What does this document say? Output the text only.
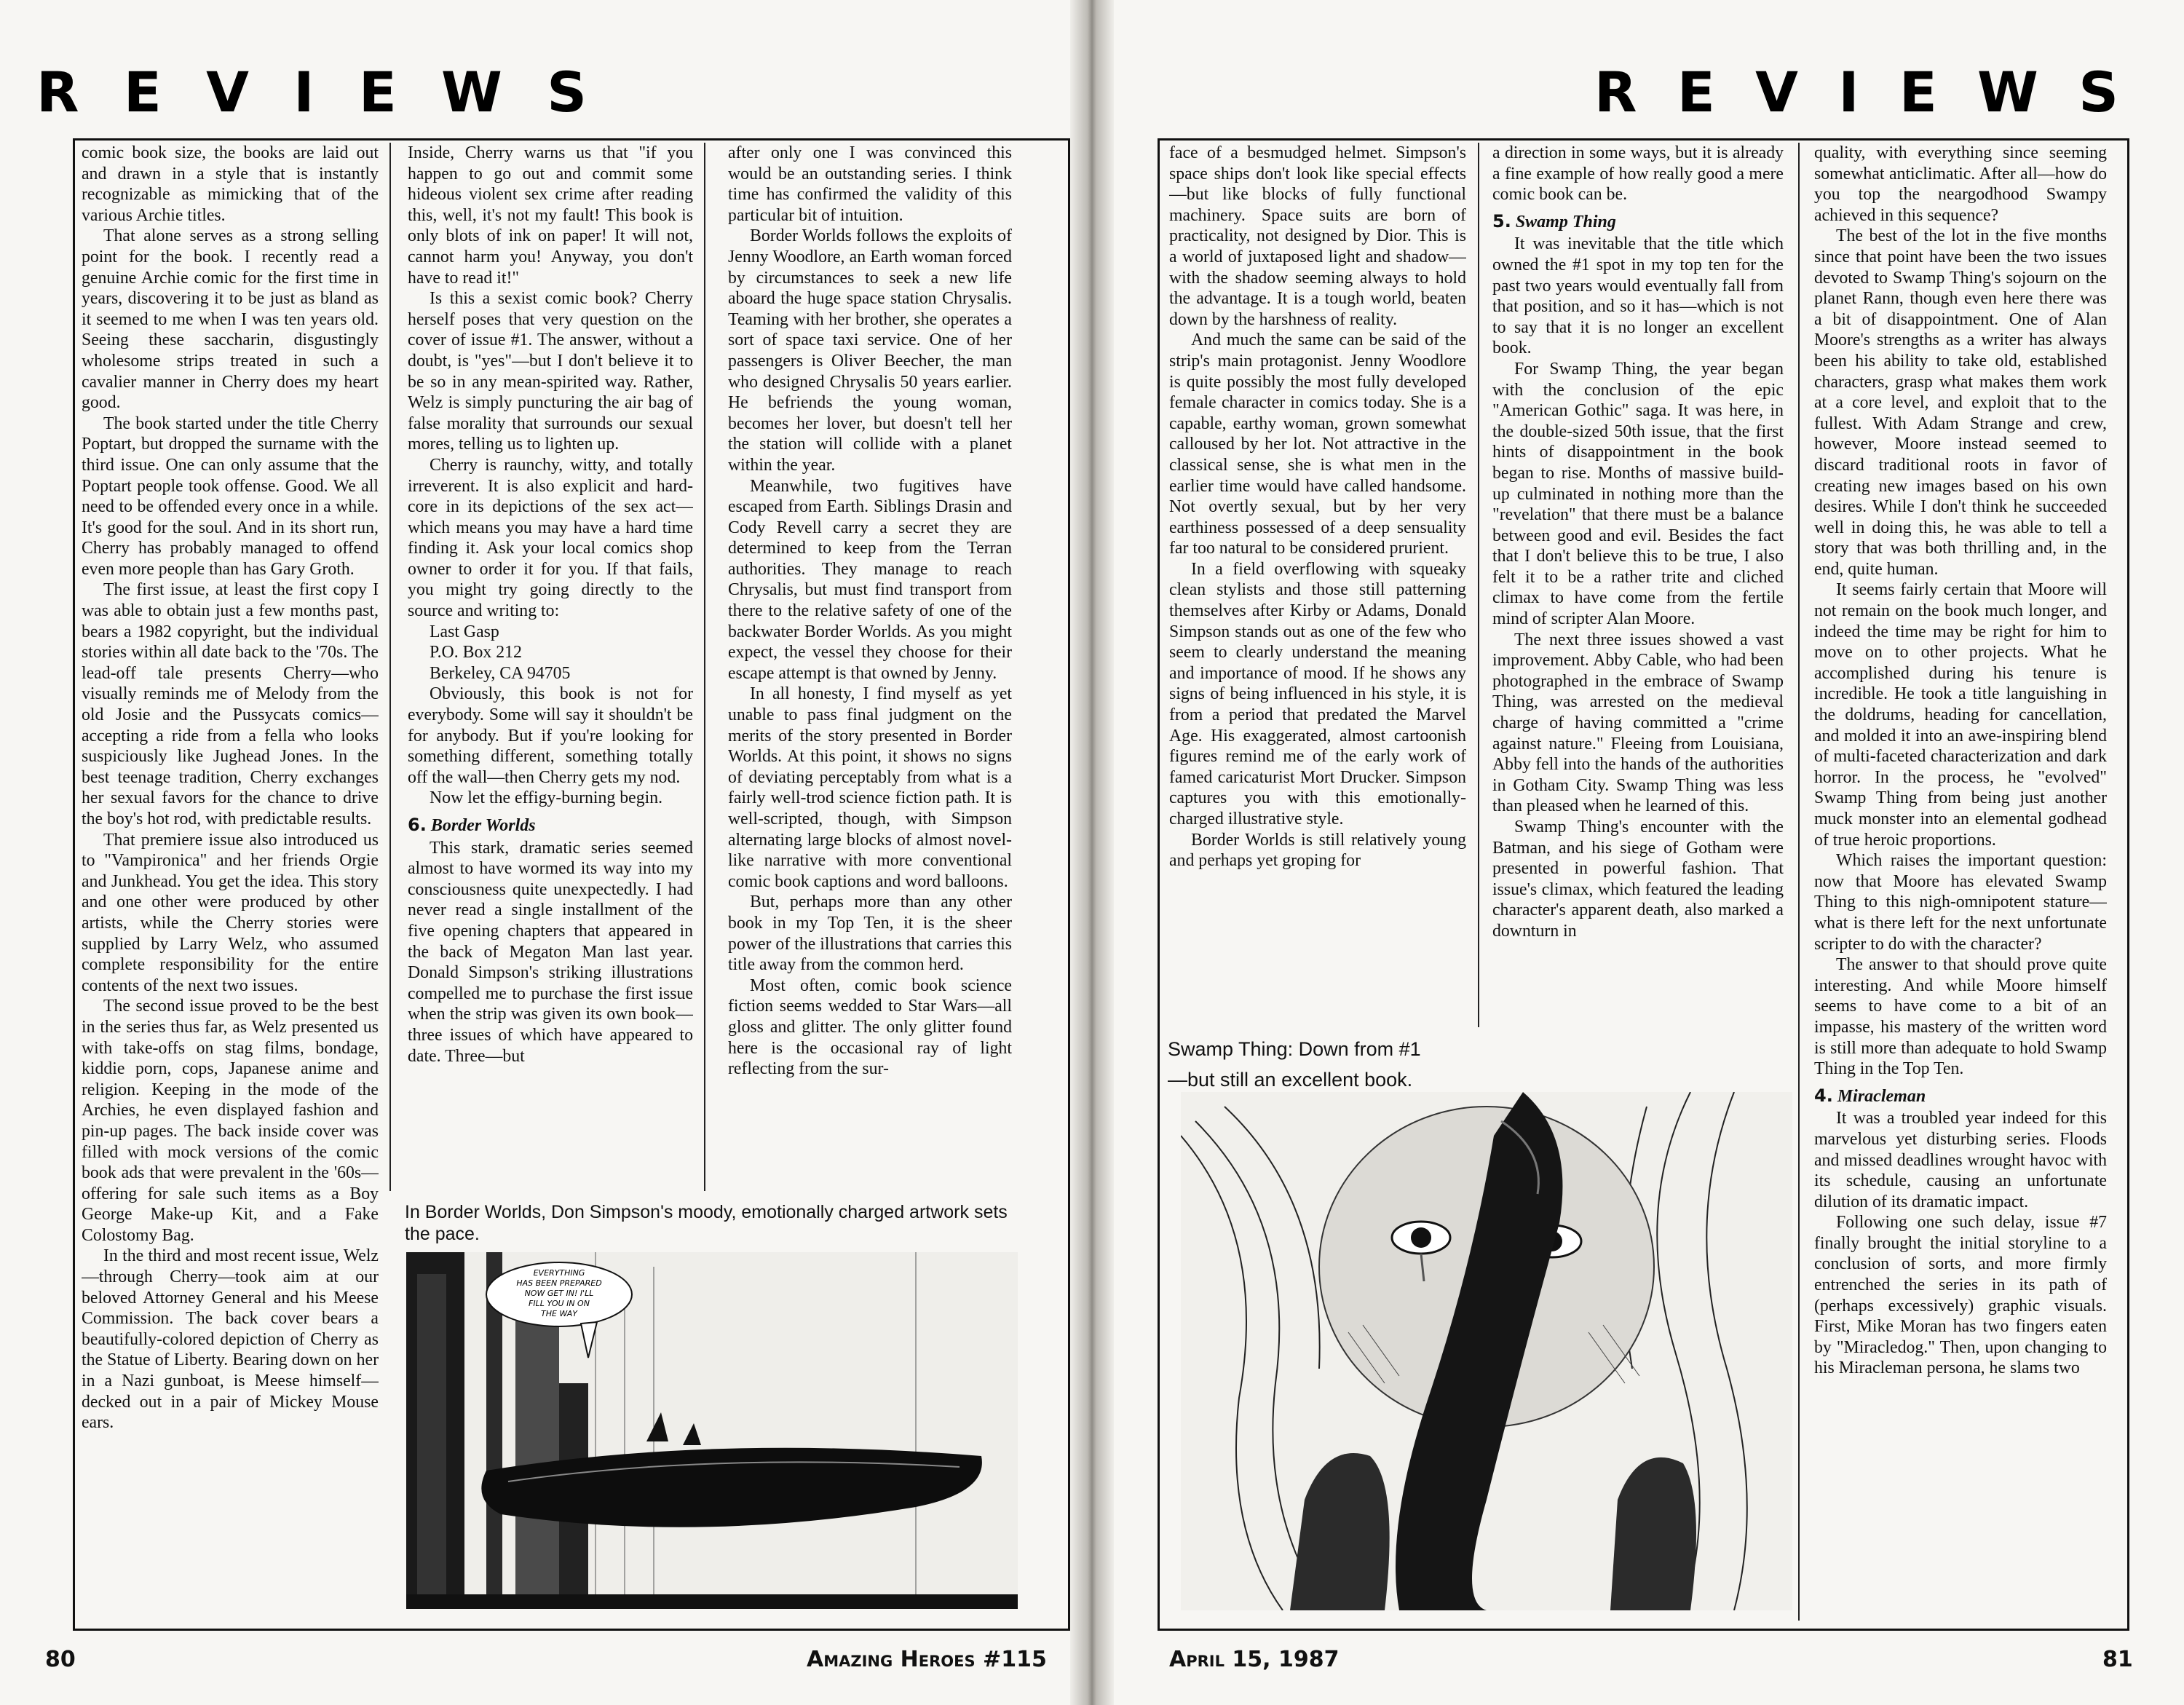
R E V I E W S	R E V I E W S

comic book size, the books are laid out and drawn in a style that is instantly recognizable as mimicking that of the various Archie titles.

That alone serves as a strong selling point for the book. I recently read a genuine Archie comic for the first time in years, discovering it to be just as bland as it seemed to me when I was ten years old. Seeing these saccharin, disgustingly wholesome strips treated in such a cavalier manner in Cherry does my heart good.

The book started under the title Cherry Poptart, but dropped the surname with the third issue. One can only assume that the Poptart people took offense. Good. We all need to be offended every once in a while. It's good for the soul. And in its short run, Cherry has probably managed to offend even more people than has Gary Groth.

The first issue, at least the first copy I was able to obtain just a few months past, bears a 1982 copyright, but the individual stories within all date back to the '70s. The lead-off tale presents Cherry—who visually reminds me of Melody from the old Josie and the Pussycats comics—accepting a ride from a fella who looks suspiciously like Jughead Jones. In the best teenage tradition, Cherry exchanges her sexual favors for the chance to drive the boy's hot rod, with predictable results.

That premiere issue also introduced us to "Vampironica" and her friends Orgie and Junkhead. You get the idea. This story and one other were produced by other artists, while the Cherry stories were supplied by Larry Welz, who assumed complete responsibility for the entire contents of the next two issues.

The second issue proved to be the best in the series thus far, as Welz presented us with take-offs on stag films, bondage, kiddie porn, cops, Japanese anime and religion. Keeping in the mode of the Archies, he even displayed fashion and pin-up pages. The back inside cover was filled with mock versions of the comic book ads that were prevalent in the '60s—offering for sale such items as a Boy George Make-up Kit, and a Fake Colostomy Bag.

In the third and most recent issue, Welz—through Cherry—took aim at our beloved Attorney General and his Meese Commission. The back cover bears a beautifully-colored depiction of Cherry as the Statue of Liberty. Bearing down on her in a Nazi gunboat, is Meese himself—decked out in a pair of Mickey Mouse ears.

Inside, Cherry warns us that "if you happen to go out and commit some hideous violent sex crime after reading this, well, it's not my fault! This book is only blots of ink on paper! It will not, cannot harm you! Anyway, you don't have to read it!"

Is this a sexist comic book? Cherry herself poses that very question on the cover of issue #1. The answer, without a doubt, is "yes"—but I don't believe it to be so in any mean-spirited way. Rather, Welz is simply puncturing the air bag of false morality that surrounds our sexual mores, telling us to lighten up.

Cherry is raunchy, witty, and totally irreverent. It is also explicit and hard-core in its depictions of the sex act—which means you may have a hard time finding it. Ask your local comics shop owner to order it for you. If that fails, you might try going directly to the source and writing to:

Last Gasp

P.O. Box 212

Berkeley, CA 94705

Obviously, this book is not for everybody. Some will say it shouldn't be for anybody. But if you're looking for something different, something totally off the wall—then Cherry gets my nod.

Now let the effigy-burning begin.

6. Border Worlds

This stark, dramatic series seemed almost to have wormed its way into my consciousness quite unexpectedly. I had never read a single installment of the five opening chapters that appeared in the back of Megaton Man last year. Donald Simpson's striking illustrations compelled me to purchase the first issue when the strip was given its own book—three issues of which have appeared to date. Three—but

after only one I was convinced this would be an outstanding series. I think time has confirmed the validity of this particular bit of intuition.

Border Worlds follows the exploits of Jenny Woodlore, an Earth woman forced by circumstances to seek a new life aboard the huge space station Chrysalis. Teaming with her brother, she operates a sort of space taxi service. One of her passengers is Oliver Beecher, the man who designed Chrysalis 50 years earlier. He befriends the young woman, becomes her lover, but doesn't tell her the station will collide with a planet within the year.

Meanwhile, two fugitives have escaped from Earth. Siblings Drasin and Cody Revell carry a secret they are determined to keep from the Terran authorities. They manage to reach Chrysalis, but must find transport from there to the relative safety of one of the backwater Border Worlds. As you might expect, the vessel they choose for their escape attempt is that owned by Jenny.

In all honesty, I find myself as yet unable to pass final judgment on the merits of the story presented in Border Worlds. At this point, it shows no signs of deviating perceptably from what is a fairly well-trod science fiction path. It is well-scripted, though, with Simpson alternating large blocks of almost novel-like narrative with more conventional comic book captions and word balloons.

But, perhaps more than any other book in my Top Ten, it is the sheer power of the illustrations that carries this title away from the common herd.

Most often, comic book science fiction seems wedded to Star Wars—all gloss and glitter. The only glitter found here is the occasional ray of light reflecting from the sur-

In Border Worlds, Don Simpson's moody, emotionally charged artwork sets the pace.
EVERYTHING
HAS BEEN PREPARED
NOW GET IN! I'LL
FILL YOU IN ON
THE WAY
80	Amazing Heroes #115

face of a besmudged helmet. Simpson's space ships don't look like special effects—but like blocks of fully functional machinery. Space suits are born of practicality, not designed by Dior. This is a world of juxtaposed light and shadow—with the shadow seeming always to hold the advantage. It is a tough world, beaten down by the harshness of reality.

And much the same can be said of the strip's main protagonist. Jenny Woodlore is quite possibly the most fully developed female character in comics today. She is a capable, earthy woman, grown somewhat calloused by her lot. Not attractive in the classical sense, she is what men in the earlier time would have called handsome. Not overtly sexual, but by her very earthiness possessed of a deep sensuality far too natural to be considered prurient.

In a field overflowing with squeaky clean stylists and those still patterning themselves after Kirby or Adams, Donald Simpson stands out as one of the few who seem to clearly understand the meaning and importance of mood. If he shows any signs of being influenced in his style, it is from a period that predated the Marvel Age. His exaggerated, almost cartoonish figures remind me of the early work of famed caricaturist Mort Drucker. Simpson captures you with this emotionally-charged illustrative style.

Border Worlds is still relatively young and perhaps yet groping for

a direction in some ways, but it is already a fine example of how really good a mere comic book can be.

5. Swamp Thing

It was inevitable that the title which owned the #1 spot in my top ten for the past two years would eventually fall from that position, and so it has—which is not to say that it is no longer an excellent book.

For Swamp Thing, the year began with the conclusion of the epic "American Gothic" saga. It was here, in the double-sized 50th issue, that the first hints of disappointment in the book began to rise. Months of massive build-up culminated in nothing more than the "revelation" that there must be a balance between good and evil. Besides the fact that I don't believe this to be true, I also felt it to be a rather trite and cliched climax to have come from the fertile mind of scripter Alan Moore.

The next three issues showed a vast improvement. Abby Cable, who had been photographed in the embrace of Swamp Thing, was arrested on the medieval charge of having committed a "crime against nature." Fleeing from Louisiana, Abby fell into the hands of the authorities in Gotham City. Swamp Thing was less than pleased when he learned of this.

Swamp Thing's encounter with the Batman, and his siege of Gotham were presented in powerful fashion. That issue's climax, which featured the leading character's apparent death, also marked a downturn in

quality, with everything since seeming somewhat anticlimatic. After all—how do you top the neargodhood Swampy achieved in this sequence?

The best of the lot in the five months since that point have been the two issues devoted to Swamp Thing's sojourn on the planet Rann, though even here there was a bit of disappointment. One of Alan Moore's strengths as a writer has always been his ability to take old, established characters, grasp what makes them work at a core level, and exploit that to the fullest. With Adam Strange and crew, however, Moore instead seemed to discard traditional roots in favor of creating new images based on his own desires. While I don't think he succeeded well in doing this, he was able to tell a story that was both thrilling and, in the end, quite human.

It seems fairly certain that Moore will not remain on the book much longer, and indeed the time may be right for him to move on to other projects. What he accomplished during his tenure is incredible. He took a title languishing in the doldrums, heading for cancellation, and molded it into an awe-inspiring blend of multi-faceted characterization and dark horror. In the process, he "evolved" Swamp Thing from being just another muck monster into an elemental godhead of true heroic proportions.

Which raises the important question: now that Moore has elevated Swamp Thing to this nigh-omnipotent stature—what is there left for the next unfortunate scripter to do with the character?

The answer to that should prove quite interesting. And while Moore himself seems to have come to a bit of an impasse, his mastery of the written word is still more than adequate to hold Swamp Thing in the Top Ten.

4. Miracleman

It was a troubled year indeed for this marvelous yet disturbing series. Floods and missed deadlines wrought havoc with its schedule, causing an unfortunate dilution of its dramatic impact.

Following one such delay, issue #7 finally brought the initial storyline to a conclusion of sorts, and more firmly entrenched the series in its path of (perhaps excessively) graphic visuals. First, Mike Moran has two fingers eaten by "Miracledog." Then, upon changing to his Miracleman persona, he slams two

Swamp Thing: Down from #1
—but still an excellent book.
April 15, 1987	81
